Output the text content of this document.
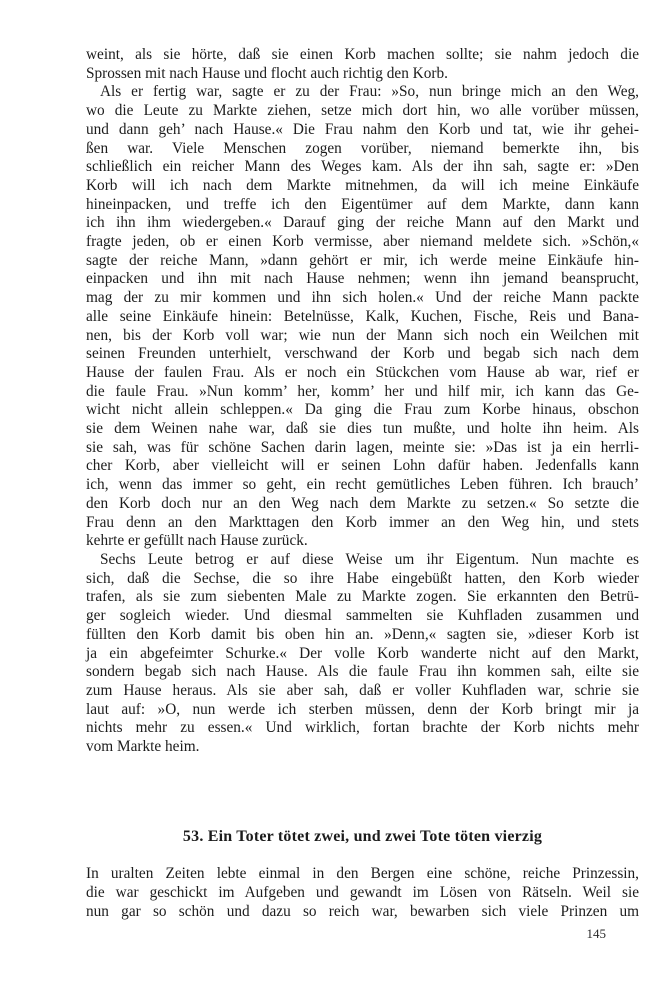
weint, als sie hörte, daß sie einen Korb machen sollte; sie nahm jedoch die
Sprossen mit nach Hause und flocht auch richtig den Korb.
Als er fertig war, sagte er zu der Frau: »So, nun bringe mich an den Weg,
wo die Leute zu Markte ziehen, setze mich dort hin, wo alle vorüber müssen,
und dann geh’ nach Hause.« Die Frau nahm den Korb und tat, wie ihr gehei-
ßen war. Viele Menschen zogen vorüber, niemand bemerkte ihn, bis
schließlich ein reicher Mann des Weges kam. Als der ihn sah, sagte er: »Den
Korb will ich nach dem Markte mitnehmen, da will ich meine Einkäufe
hineinpacken, und treffe ich den Eigentümer auf dem Markte, dann kann
ich ihn ihm wiedergeben.« Darauf ging der reiche Mann auf den Markt und
fragte jeden, ob er einen Korb vermisse, aber niemand meldete sich. »Schön,«
sagte der reiche Mann, »dann gehört er mir, ich werde meine Einkäufe hin-
einpacken und ihn mit nach Hause nehmen; wenn ihn jemand beansprucht,
mag der zu mir kommen und ihn sich holen.« Und der reiche Mann packte
alle seine Einkäufe hinein: Betelnüsse, Kalk, Kuchen, Fische, Reis und Bana-
nen, bis der Korb voll war; wie nun der Mann sich noch ein Weilchen mit
seinen Freunden unterhielt, verschwand der Korb und begab sich nach dem
Hause der faulen Frau. Als er noch ein Stückchen vom Hause ab war, rief er
die faule Frau. »Nun komm’ her, komm’ her und hilf mir, ich kann das Ge-
wicht nicht allein schleppen.« Da ging die Frau zum Korbe hinaus, obschon
sie dem Weinen nahe war, daß sie dies tun mußte, und holte ihn heim. Als
sie sah, was für schöne Sachen darin lagen, meinte sie: »Das ist ja ein herrli-
cher Korb, aber vielleicht will er seinen Lohn dafür haben. Jedenfalls kann
ich, wenn das immer so geht, ein recht gemütliches Leben führen. Ich brauch’
den Korb doch nur an den Weg nach dem Markte zu setzen.« So setzte die
Frau denn an den Markttagen den Korb immer an den Weg hin, und stets
kehrte er gefüllt nach Hause zurück.
Sechs Leute betrog er auf diese Weise um ihr Eigentum. Nun machte es
sich, daß die Sechse, die so ihre Habe eingebüßt hatten, den Korb wieder
trafen, als sie zum siebenten Male zu Markte zogen. Sie erkannten den Betrü-
ger sogleich wieder. Und diesmal sammelten sie Kuhfladen zusammen und
füllten den Korb damit bis oben hin an. »Denn,« sagten sie, »dieser Korb ist
ja ein abgefeimter Schurke.« Der volle Korb wanderte nicht auf den Markt,
sondern begab sich nach Hause. Als die faule Frau ihn kommen sah, eilte sie
zum Hause heraus. Als sie aber sah, daß er voller Kuhfladen war, schrie sie
laut auf: »O, nun werde ich sterben müssen, denn der Korb bringt mir ja
nichts mehr zu essen.« Und wirklich, fortan brachte der Korb nichts mehr
vom Markte heim.
53. Ein Toter tötet zwei, und zwei Tote töten vierzig
In uralten Zeiten lebte einmal in den Bergen eine schöne, reiche Prinzessin,
die war geschickt im Aufgeben und gewandt im Lösen von Rätseln. Weil sie
nun gar so schön und dazu so reich war, bewarben sich viele Prinzen um
145
